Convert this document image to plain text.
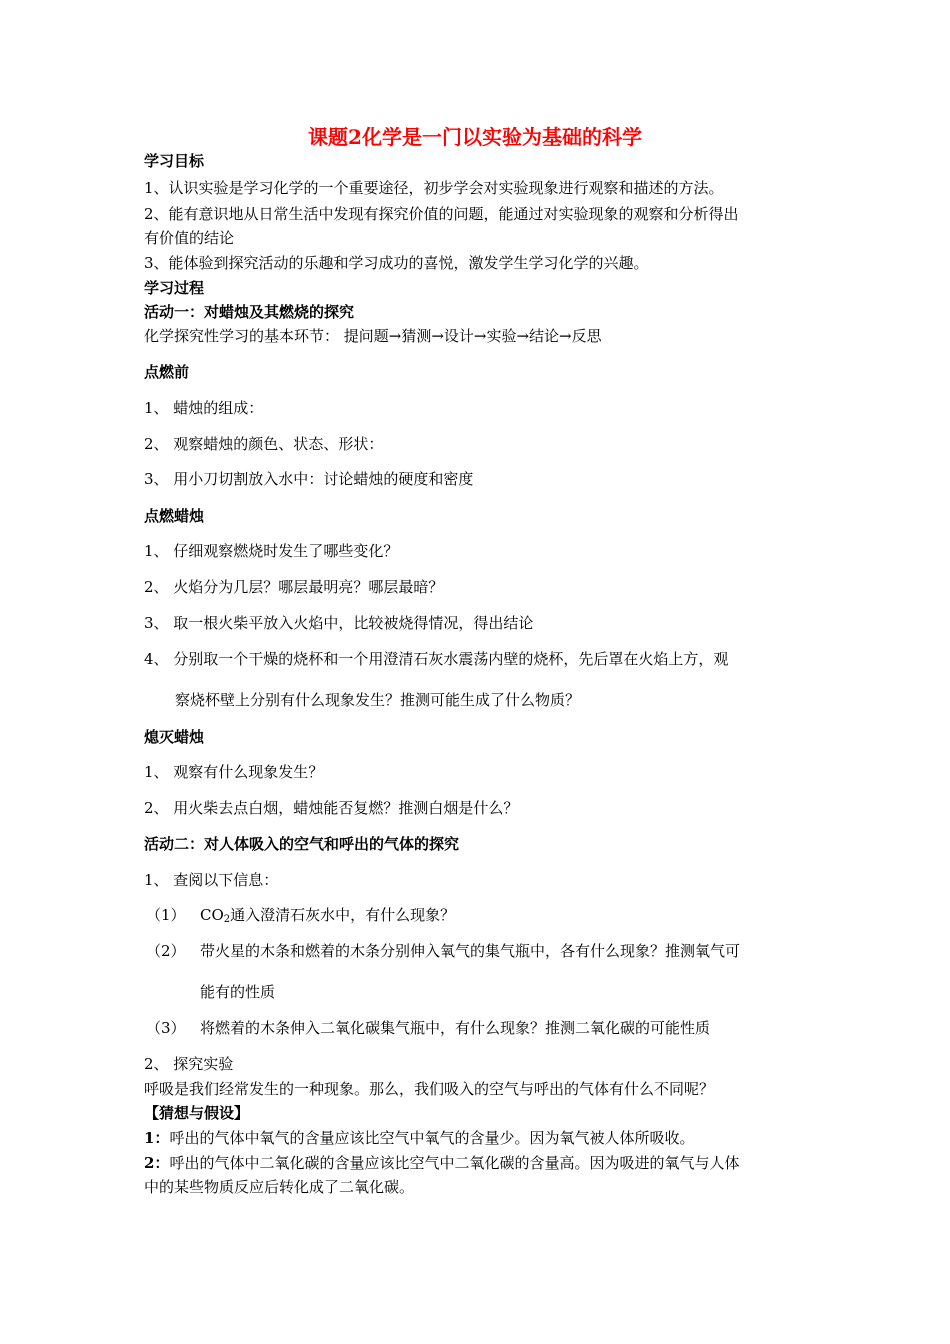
课题2化学是一门以实验为基础的科学
学习目标
1、认识实验是学习化学的一个重要途径，初步学会对实验现象进行观察和描述的方法。
2、能有意识地从日常生活中发现有探究价值的问题，能通过对实验现象的观察和分析得出
有价值的结论
3、能体验到探究活动的乐趣和学习成功的喜悦，激发学生学习化学的兴趣。
学习过程
活动一：对蜡烛及其燃烧的探究
化学探究性学习的基本环节： 提问题→猜测→设计→实验→结论→反思
点燃前
1、 蜡烛的组成：
2、 观察蜡烛的颜色、状态、形状：
3、 用小刀切割放入水中：讨论蜡烛的硬度和密度
点燃蜡烛
1、 仔细观察燃烧时发生了哪些变化？
2、 火焰分为几层？哪层最明亮？哪层最暗？
3、 取一根火柴平放入火焰中，比较被烧得情况，得出结论
4、 分别取一个干燥的烧杯和一个用澄清石灰水震荡内壁的烧杯，先后罩在火焰上方，观
察烧杯壁上分别有什么现象发生？推测可能生成了什么物质？
熄灭蜡烛
1、 观察有什么现象发生？
2、 用火柴去点白烟，蜡烛能否复燃？推测白烟是什么？
活动二：对人体吸入的空气和呼出的气体的探究
1、 查阅以下信息：
（1） $CO_2$通入澄清石灰水中，有什么现象？
（2） 带火星的木条和燃着的木条分别伸入氧气的集气瓶中，各有什么现象？推测氧气可
能有的性质
（3） 将燃着的木条伸入二氧化碳集气瓶中，有什么现象？推测二氧化碳的可能性质
2、 探究实验
呼吸是我们经常发生的一种现象。那么，我们吸入的空气与呼出的气体有什么不同呢？
【猜想与假设】
1：呼出的气体中氧气的含量应该比空气中氧气的含量少。因为氧气被人体所吸收。
2：呼出的气体中二氧化碳的含量应该比空气中二氧化碳的含量高。因为吸进的氧气与人体
中的某些物质反应后转化成了二氧化碳。
